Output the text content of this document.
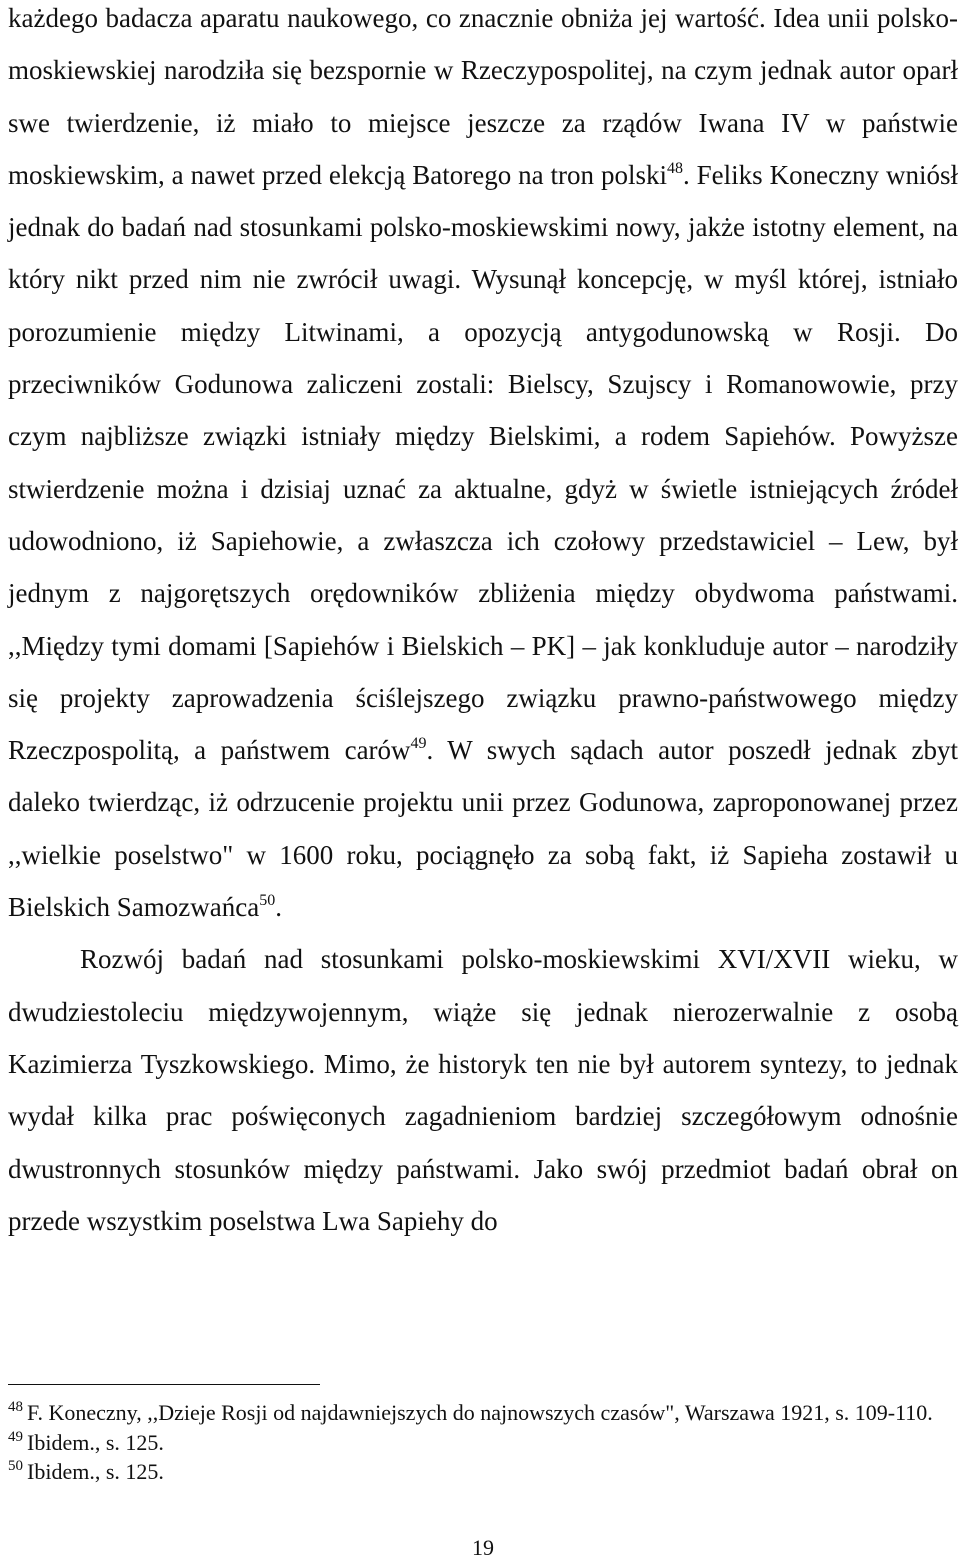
każdego badacza aparatu naukowego, co znacznie obniża jej wartość. Idea unii polsko-moskiewskiej narodziła się bezspornie w Rzeczypospolitej, na czym jednak autor oparł swe twierdzenie, iż miało to miejsce jeszcze za rządów Iwana IV w państwie moskiewskim, a nawet przed elekcją Batorego na tron polski$^{48}$. Feliks Koneczny wniósł jednak do badań nad stosunkami polsko-moskiewskimi nowy, jakże istotny element, na który nikt przed nim nie zwrócił uwagi. Wysunął koncepcję, w myśl której, istniało porozumienie między Litwinami, a opozycją antygodunowską w Rosji. Do przeciwników Godunowa zaliczeni zostali: Bielscy, Szujscy i Romanowowie, przy czym najbliższe związki istniały między Bielskimi, a rodem Sapiehów. Powyższe stwierdzenie można i dzisiaj uznać za aktualne, gdyż w świetle istniejących źródeł udowodniono, iż Sapiehowie, a zwłaszcza ich czołowy przedstawiciel – Lew, był jednym z najgorętszych orędowników zbliżenia między obydwoma państwami. ,,Między tymi domami [Sapiehów i Bielskich – PK] – jak konkluduje autor – narodziły się projekty zaprowadzenia ściślejszego związku prawno-państwowego między Rzeczpospolitą, a państwem carów$^{49}$. W swych sądach autor poszedł jednak zbyt daleko twierdząc, iż odrzucenie projektu unii przez Godunowa, zaproponowanej przez ,,wielkie poselstwo" w 1600 roku, pociągnęło za sobą fakt, iż Sapieha zostawił u Bielskich Samozwańca$^{50}$.

Rozwój badań nad stosunkami polsko-moskiewskimi XVI/XVII wieku, w dwudziestoleciu międzywojennym, wiąże się jednak nierozerwalnie z osobą Kazimierza Tyszkowskiego. Mimo, że historyk ten nie był autorem syntezy, to jednak wydał kilka prac poświęconych zagadnieniom bardziej szczegółowym odnośnie dwustronnych stosunków między państwami. Jako swój przedmiot badań obrał on przede wszystkim poselstwa Lwa Sapiehy do

$^{48}$ F. Koneczny, ,,Dzieje Rosji od najdawniejszych do najnowszych czasów", Warszawa 1921, s. 109-110.

$^{49}$ Ibidem., s. 125.

$^{50}$ Ibidem., s. 125.

19
